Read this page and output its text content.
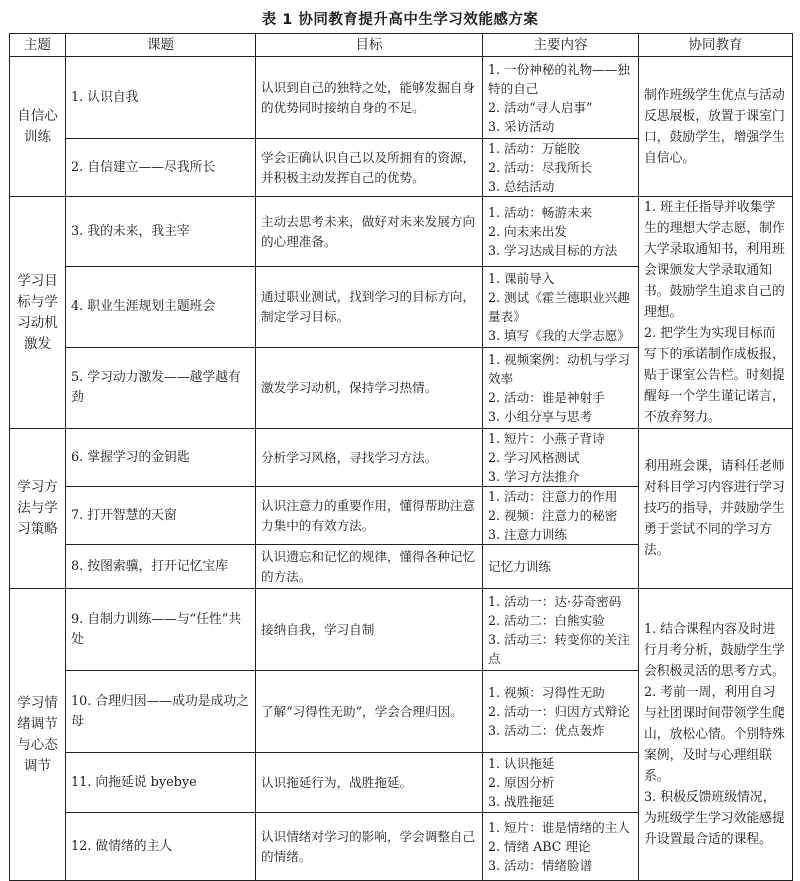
表 1 协同教育提升高中生学习效能感方案
主题	课题	目标	主要内容	协同教育
自信心训练	1. 认识自我	认识到自己的独特之处，能够发掘自身的优势同时接纳自身的不足。	1. 一份神秘的礼物——独特的自己
2. 活动“寻人启事”
3. 采访活动	制作班级学生优点与活动反思展板，放置于课室门口，鼓励学生，增强学生自信心。
	2. 自信建立——尽我所长	学会正确认识自己以及所拥有的资源，并积极主动发挥自己的优势。	1. 活动：万能胶
2. 活动：尽我所长
3. 总结活动	

学习目标与学习动机激发	3. 我的未来，我主宰	主动去思考未来，做好对未来发展方向的心理准备。	1. 活动：畅游未来
2. 向未来出发
3. 学习达成目标的方法	1. 班主任指导并收集学生的理想大学志愿，制作大学录取通知书，利用班会课颁发大学录取通知书。鼓励学生追求自己的理想。
2. 把学生为实现目标而写下的承诺制作成板报，贴于课室公告栏。时刻提醒每一个学生谨记诺言，不放弃努力。
	4. 职业生涯规划主题班会	通过职业测试，找到学习的目标方向，制定学习目标。	1. 课前导入
2. 测试《霍兰德职业兴趣量表》
3. 填写《我的大学志愿》	

	5. 学习动力激发——越学越有劲	激发学习动机，保持学习热情。	1. 视频案例：动机与学习效率
2. 活动：谁是神射手
3. 小组分享与思考	

学习方法与学习策略	6. 掌握学习的金钥匙	分析学习风格，寻找学习方法。	1. 短片：小燕子背诗
2. 学习风格测试
3. 学习方法推介	利用班会课，请科任老师对科目学习内容进行学习技巧的指导，并鼓励学生勇于尝试不同的学习方法。
	7. 打开智慧的天窗	认识注意力的重要作用，懂得帮助注意力集中的有效方法。	1. 活动：注意力的作用
2. 视频：注意力的秘密
3. 注意力训练	

	8. 按图索骥，打开记忆宝库	认识遗忘和记忆的规律，懂得各种记忆的方法。	记忆力训练	

学习情绪调节与心态调节	9. 自制力训练——与“任性”共处	接纳自我，学习自制	1. 活动一：达·芬奇密码
2. 活动二：白熊实验
3. 活动三：转变你的关注点	1. 结合课程内容及时进行月考分析，鼓励学生学会积极灵活的思考方式。
2. 考前一周，利用自习与社团课时间带领学生爬山，放松心情。个别特殊案例，及时与心理组联系。
3. 积极反馈班级情况，为班级学生学习效能感提升设置最合适的课程。
	10. 合理归因——成功是成功之母	了解“习得性无助”，学会合理归因。	1. 视频：习得性无助
2. 活动一：归因方式辩论
3. 活动二：优点轰炸	

	11. 向拖延说 byebye	认识拖延行为，战胜拖延。	1. 认识拖延
2. 原因分析
3. 战胜拖延	

	12. 做情绪的主人	认识情绪对学习的影响，学会调整自己的情绪。	1. 短片：谁是情绪的主人
2. 情绪 ABC 理论
3. 活动：情绪脸谱	
